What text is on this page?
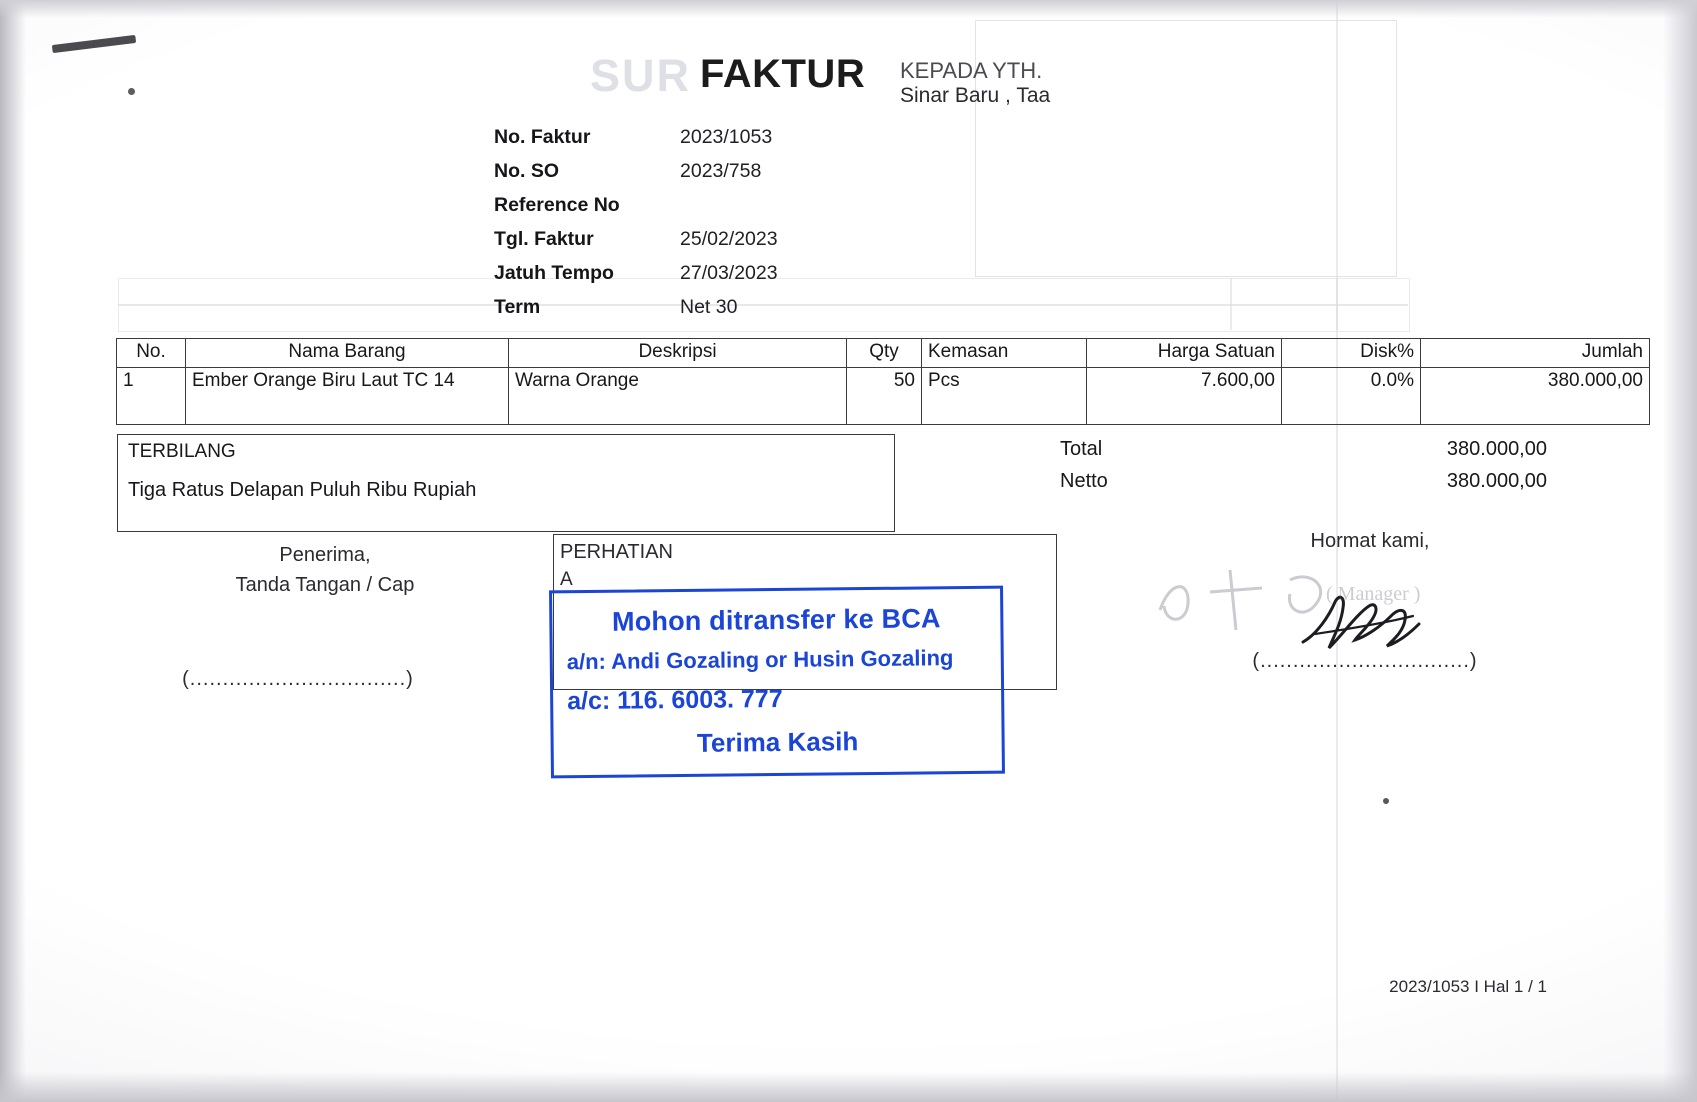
SUR FAKTUR KEPADA YTH.
Sinar Baru , Taa
No. Faktur	2023/1053
No. SO	2023/758
Reference No
Tgl. Faktur	25/02/2023
Jatuh Tempo	27/03/2023
Term	Net 30
No.	Nama Barang	Deskripsi	Qty	Kemasan	Harga Satuan	Disk%	Jumlah
1	Ember Orange Biru Laut TC 14	Warna Orange	50	Pcs	7.600,00	0.0%	380.000,00
TERBILANG
Tiga Ratus Delapan Puluh Ribu Rupiah
Total	380.000,00
Netto	380.000,00
Penerima,
Tanda Tangan / Cap
(.................................)
PERHATIAN
A
Hormat kami,
(................................)
Mohon ditransfer ke BCA
a/n: Andi Gozaling or Husin Gozaling
a/c: 116. 6003. 777
Terima Kasih
2023/1053 I Hal 1 / 1
( Manager )
